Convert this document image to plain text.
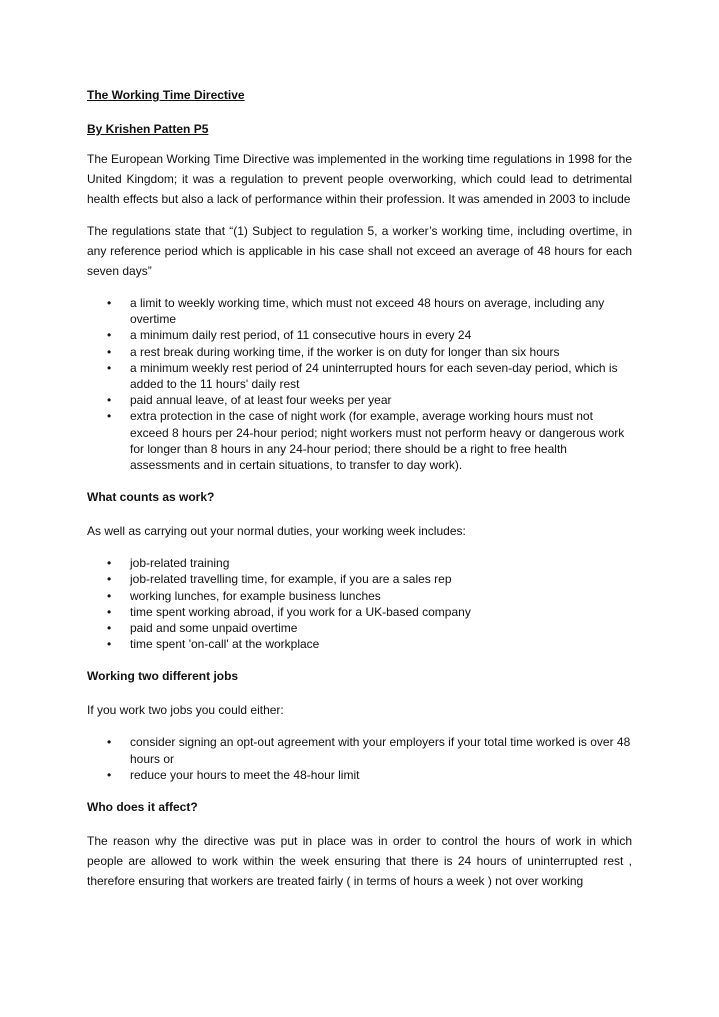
The Working Time Directive
By Krishen Patten P5

The European Working Time Directive was implemented in the working time regulations in 1998 for the United Kingdom; it was a regulation to prevent people overworking, which could lead to detrimental health effects but also a lack of performance within their profession. It was amended in 2003 to include

The regulations state that “(1) Subject to regulation 5, a worker’s working time, including overtime, in any reference period which is applicable in his case shall not exceed an average of 48 hours for each seven days”

• a limit to weekly working time, which must not exceed 48 hours on average, including any overtime
• a minimum daily rest period, of 11 consecutive hours in every 24
• a rest break during working time, if the worker is on duty for longer than six hours
• a minimum weekly rest period of 24 uninterrupted hours for each seven-day period, which is added to the 11 hours' daily rest
• paid annual leave, of at least four weeks per year
• extra protection in the case of night work (for example, average working hours must not exceed 8 hours per 24-hour period; night workers must not perform heavy or dangerous work for longer than 8 hours in any 24-hour period; there should be a right to free health assessments and in certain situations, to transfer to day work).
What counts as work?

As well as carrying out your normal duties, your working week includes:

• job-related training
• job-related travelling time, for example, if you are a sales rep
• working lunches, for example business lunches
• time spent working abroad, if you work for a UK-based company
• paid and some unpaid overtime
• time spent 'on-call' at the workplace
Working two different jobs

If you work two jobs you could either:

• consider signing an opt-out agreement with your employers if your total time worked is over 48 hours or
• reduce your hours to meet the 48-hour limit
Who does it affect?

The reason why the directive was put in place was in order to control the hours of work in which people are allowed to work within the week ensuring that there is 24 hours of uninterrupted rest , therefore ensuring that workers are treated fairly ( in terms of hours a week ) not over working
